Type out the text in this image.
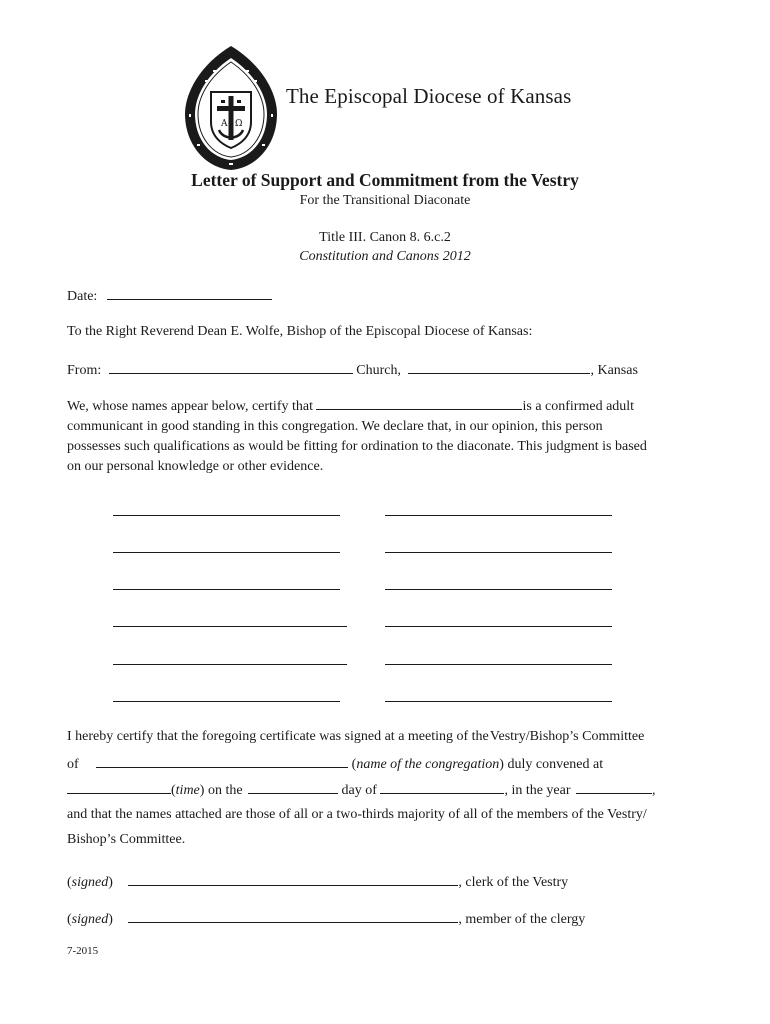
A Ω
The Episcopal Diocese of Kansas
Letter of Support and Commitment from the Vestry
For the Transitional Diaconate
Title III. Canon 8. 6.c.2
Constitution and Canons 2012
Date:
To the Right Reverend Dean E. Wolfe, Bishop of the Episcopal Diocese of Kansas:
From:	Church,	, Kansas
We, whose names appear below, certify that	is a confirmed adult
communicant in good standing in this congregation. We declare that, in our opinion, this person
possesses such qualifications as would be fitting for ordination to the diaconate. This judgment is based
on our personal knowledge or other evidence.
I hereby certify that the foregoing certificate was signed at a meeting of the Vestry/Bishop’s Committee
of	(name of the congregation) duly convened at
(time) on the	day of	, in the year	,
and that the names attached are those of all or a two-thirds majority of all of the members of the Vestry/
Bishop’s Committee.
(signed)	, clerk of the Vestry
(signed)	, member of the clergy
7-2015
